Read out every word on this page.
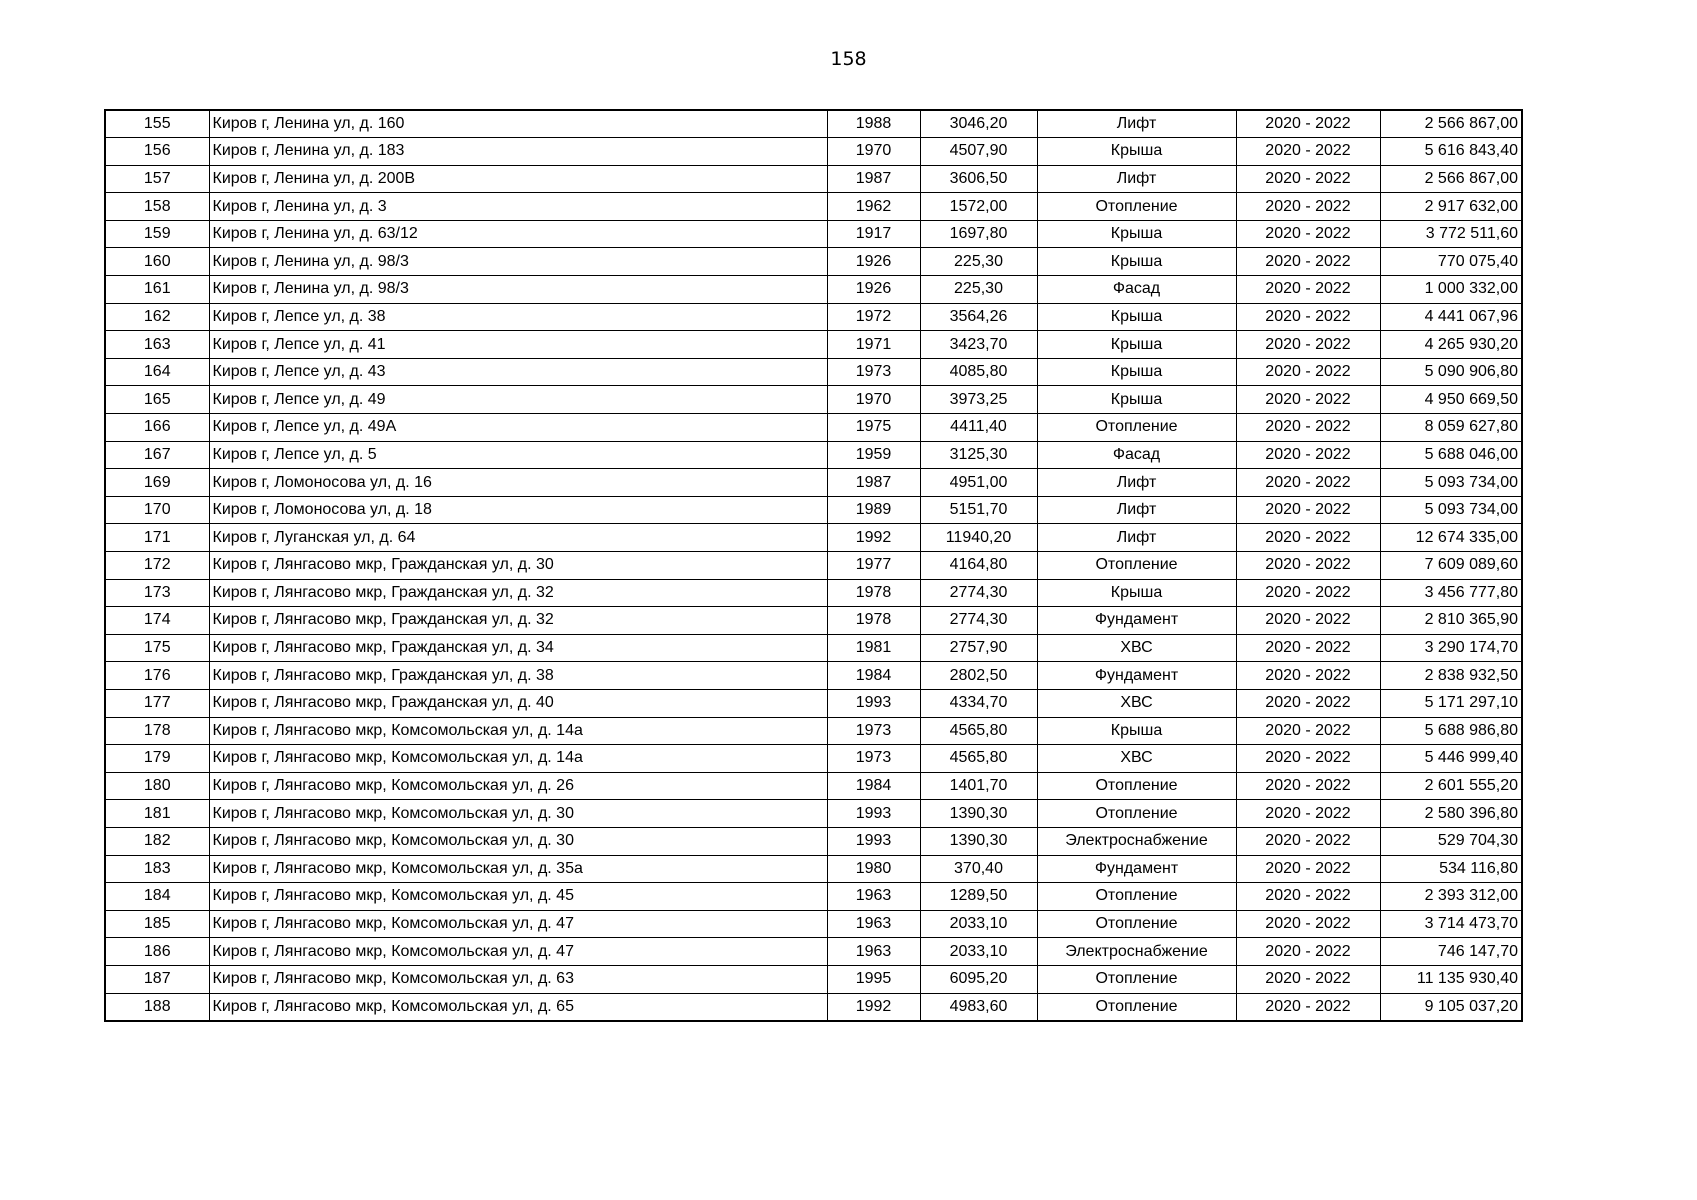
158
155	Киров г, Ленина ул, д. 160	1988	3046,20	Лифт	2020 - 2022	2 566 867,00
156	Киров г, Ленина ул, д. 183	1970	4507,90	Крыша	2020 - 2022	5 616 843,40
157	Киров г, Ленина ул, д. 200В	1987	3606,50	Лифт	2020 - 2022	2 566 867,00
158	Киров г, Ленина ул, д. 3	1962	1572,00	Отопление	2020 - 2022	2 917 632,00
159	Киров г, Ленина ул, д. 63/12	1917	1697,80	Крыша	2020 - 2022	3 772 511,60
160	Киров г, Ленина ул, д. 98/3	1926	225,30	Крыша	2020 - 2022	770 075,40
161	Киров г, Ленина ул, д. 98/3	1926	225,30	Фасад	2020 - 2022	1 000 332,00
162	Киров г, Лепсе ул, д. 38	1972	3564,26	Крыша	2020 - 2022	4 441 067,96
163	Киров г, Лепсе ул, д. 41	1971	3423,70	Крыша	2020 - 2022	4 265 930,20
164	Киров г, Лепсе ул, д. 43	1973	4085,80	Крыша	2020 - 2022	5 090 906,80
165	Киров г, Лепсе ул, д. 49	1970	3973,25	Крыша	2020 - 2022	4 950 669,50
166	Киров г, Лепсе ул, д. 49А	1975	4411,40	Отопление	2020 - 2022	8 059 627,80
167	Киров г, Лепсе ул, д. 5	1959	3125,30	Фасад	2020 - 2022	5 688 046,00
169	Киров г, Ломоносова ул, д. 16	1987	4951,00	Лифт	2020 - 2022	5 093 734,00
170	Киров г, Ломоносова ул, д. 18	1989	5151,70	Лифт	2020 - 2022	5 093 734,00
171	Киров г, Луганская ул, д. 64	1992	11940,20	Лифт	2020 - 2022	12 674 335,00
172	Киров г, Лянгасово мкр, Гражданская ул, д. 30	1977	4164,80	Отопление	2020 - 2022	7 609 089,60
173	Киров г, Лянгасово мкр, Гражданская ул, д. 32	1978	2774,30	Крыша	2020 - 2022	3 456 777,80
174	Киров г, Лянгасово мкр, Гражданская ул, д. 32	1978	2774,30	Фундамент	2020 - 2022	2 810 365,90
175	Киров г, Лянгасово мкр, Гражданская ул, д. 34	1981	2757,90	ХВС	2020 - 2022	3 290 174,70
176	Киров г, Лянгасово мкр, Гражданская ул, д. 38	1984	2802,50	Фундамент	2020 - 2022	2 838 932,50
177	Киров г, Лянгасово мкр, Гражданская ул, д. 40	1993	4334,70	ХВС	2020 - 2022	5 171 297,10
178	Киров г, Лянгасово мкр, Комсомольская ул, д. 14а	1973	4565,80	Крыша	2020 - 2022	5 688 986,80
179	Киров г, Лянгасово мкр, Комсомольская ул, д. 14а	1973	4565,80	ХВС	2020 - 2022	5 446 999,40
180	Киров г, Лянгасово мкр, Комсомольская ул, д. 26	1984	1401,70	Отопление	2020 - 2022	2 601 555,20
181	Киров г, Лянгасово мкр, Комсомольская ул, д. 30	1993	1390,30	Отопление	2020 - 2022	2 580 396,80
182	Киров г, Лянгасово мкр, Комсомольская ул, д. 30	1993	1390,30	Электроснабжение	2020 - 2022	529 704,30
183	Киров г, Лянгасово мкр, Комсомольская ул, д. 35а	1980	370,40	Фундамент	2020 - 2022	534 116,80
184	Киров г, Лянгасово мкр, Комсомольская ул, д. 45	1963	1289,50	Отопление	2020 - 2022	2 393 312,00
185	Киров г, Лянгасово мкр, Комсомольская ул, д. 47	1963	2033,10	Отопление	2020 - 2022	3 714 473,70
186	Киров г, Лянгасово мкр, Комсомольская ул, д. 47	1963	2033,10	Электроснабжение	2020 - 2022	746 147,70
187	Киров г, Лянгасово мкр, Комсомольская ул, д. 63	1995	6095,20	Отопление	2020 - 2022	11 135 930,40
188	Киров г, Лянгасово мкр, Комсомольская ул, д. 65	1992	4983,60	Отопление	2020 - 2022	9 105 037,20
